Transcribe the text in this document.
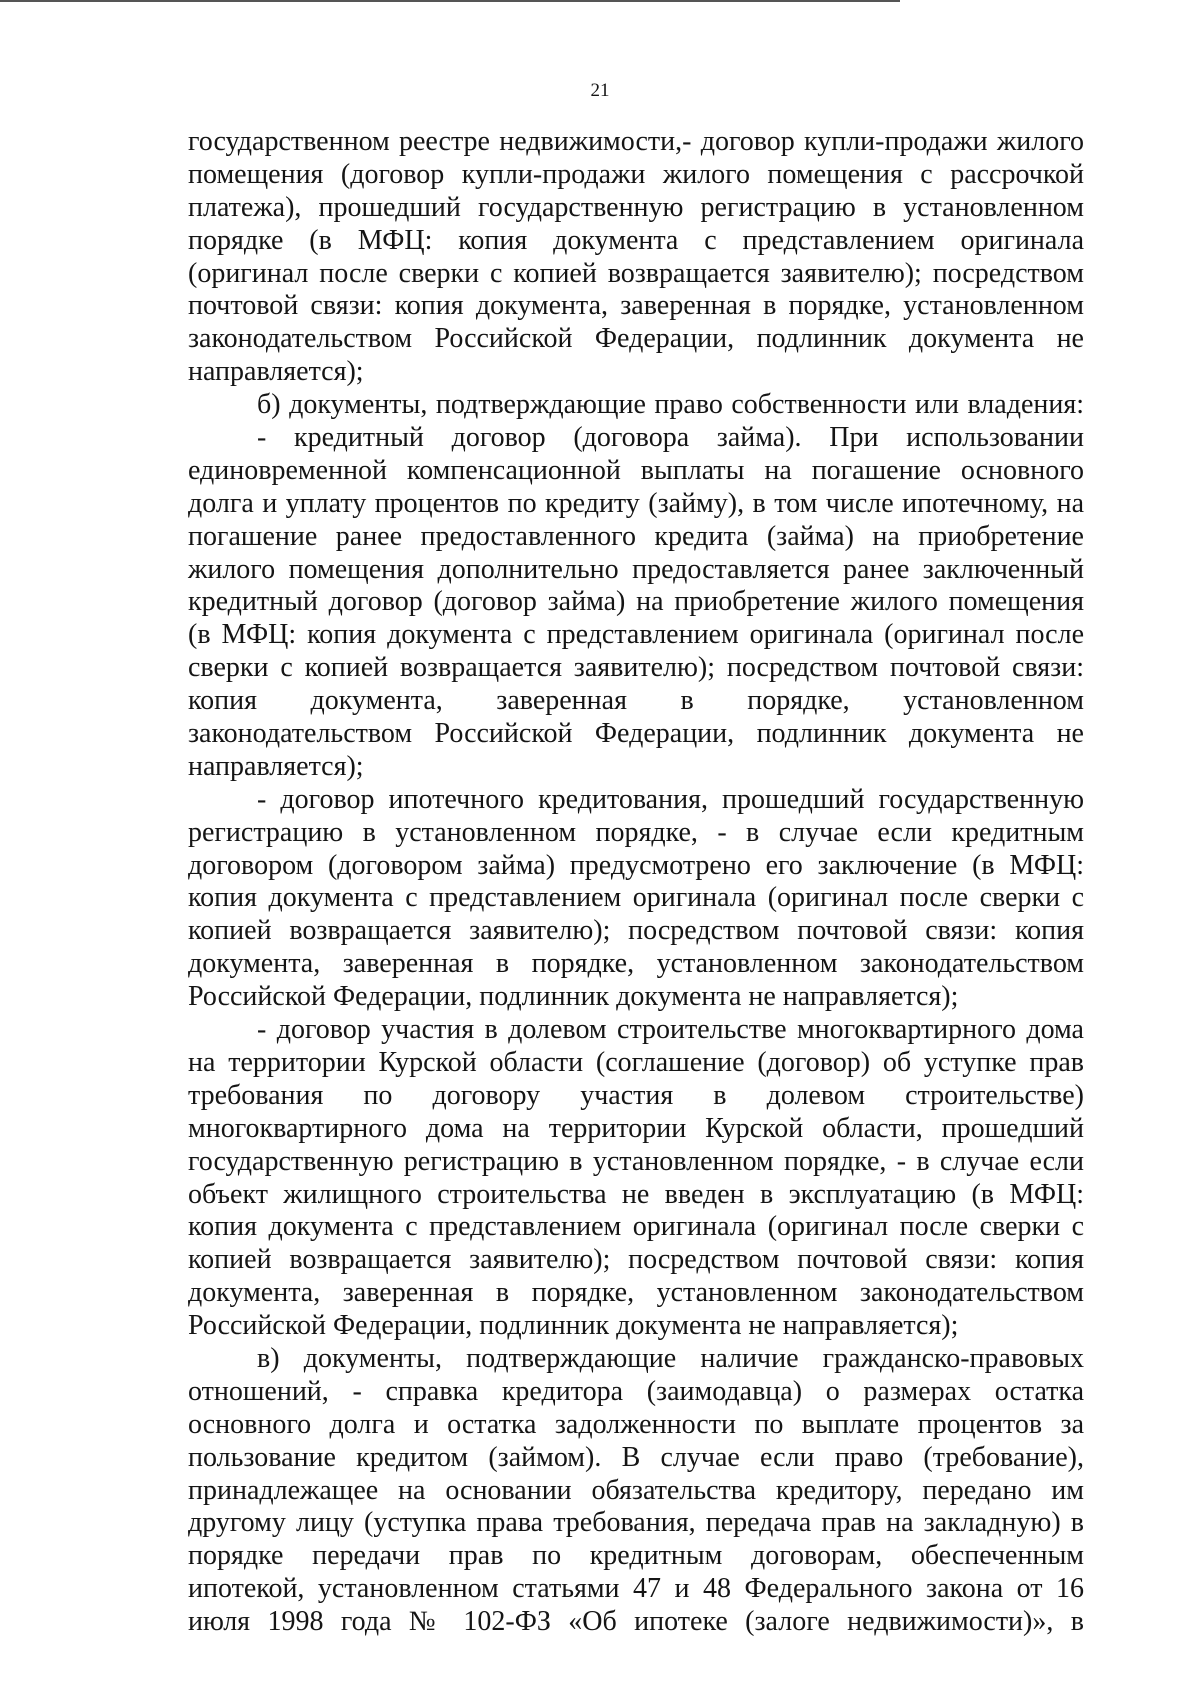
21
государственном реестре недвижимости,- договор купли-продажи жилого
помещения (договор купли-продажи жилого помещения с рассрочкой
платежа), прошедший государственную регистрацию в установленном
порядке (в МФЦ: копия документа с представлением оригинала
(оригинал после сверки с копией возвращается заявителю); посредством
почтовой связи: копия документа, заверенная в порядке, установленном
законодательством Российской Федерации, подлинник документа не
направляется);
б) документы, подтверждающие право собственности или владения:
- кредитный договор (договора займа). При использовании
единовременной компенсационной выплаты на погашение основного
долга и уплату процентов по кредиту (займу), в том числе ипотечному, на
погашение ранее предоставленного кредита (займа) на приобретение
жилого помещения дополнительно предоставляется ранее заключенный
кредитный договор (договор займа) на приобретение жилого помещения
(в МФЦ: копия документа с представлением оригинала (оригинал после
сверки с копией возвращается заявителю); посредством почтовой связи:
копия документа, заверенная в порядке, установленном
законодательством Российской Федерации, подлинник документа не
направляется);
- договор ипотечного кредитования, прошедший государственную
регистрацию в установленном порядке, - в случае если кредитным
договором (договором займа) предусмотрено его заключение (в МФЦ:
копия документа с представлением оригинала (оригинал после сверки с
копией возвращается заявителю); посредством почтовой связи: копия
документа, заверенная в порядке, установленном законодательством
Российской Федерации, подлинник документа не направляется);
- договор участия в долевом строительстве многоквартирного дома
на территории Курской области (соглашение (договор) об уступке прав
требования по договору участия в долевом строительстве)
многоквартирного дома на территории Курской области, прошедший
государственную регистрацию в установленном порядке, - в случае если
объект жилищного строительства не введен в эксплуатацию (в МФЦ:
копия документа с представлением оригинала (оригинал после сверки с
копией возвращается заявителю); посредством почтовой связи: копия
документа, заверенная в порядке, установленном законодательством
Российской Федерации, подлинник документа не направляется);
в) документы, подтверждающие наличие гражданско-правовых
отношений, - справка кредитора (заимодавца) о размерах остатка
основного долга и остатка задолженности по выплате процентов за
пользование кредитом (займом). В случае если право (требование),
принадлежащее на основании обязательства кредитору, передано им
другому лицу (уступка права требования, передача прав на закладную) в
порядке передачи прав по кредитным договорам, обеспеченным
ипотекой, установленном статьями 47 и 48 Федерального закона от 16
июля 1998 года № 102-ФЗ «Об ипотеке (залоге недвижимости)», в
